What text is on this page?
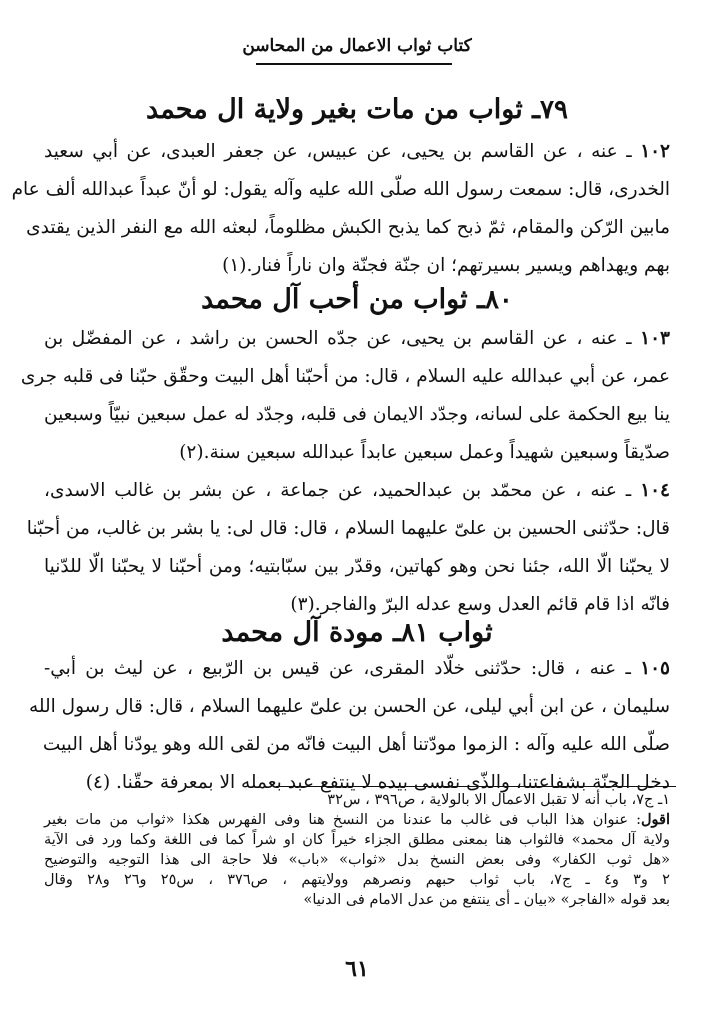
كتاب ثواب الاعمال من المحاسن
٧٩ـ ثواب من مات بغير ولاية ال محمد
١٠٢ ـ عنه ، عن القاسم بن يحيى، عن عبيس، عن جعفر العبدى، عن أبي سعيد
الخدرى، قال: سمعت رسول الله صلّى الله عليه وآله يقول: لو أنّ عبداً عبدالله ألف عام
مابين الرّكن والمقام، ثمّ ذبح كما يذبح الكبش مظلوماً، لبعثه الله مع النفر الذين يقتدى
بهم ويهداهم ويسير بسيرتهم؛ ان جنّة فجنّة وان ناراً فنار.(١)
٨٠ـ ثواب من أحب آل محمد
١٠٣ ـ عنه ، عن القاسم بن يحيى، عن جدّه الحسن بن راشد ، عن المفضّل بن
عمر، عن أبي عبدالله عليه السلام ، قال: من أحبّنا أهل البيت وحقّق حبّنا فى قلبه جرى
ينا بيع الحكمة على لسانه، وجدّد الايمان فى قلبه، وجدّد له عمل سبعين نبيّاً وسبعين
صدّيقاً وسبعين شهيداً وعمل سبعين عابداً عبدالله سبعين سنة.(٢)
١٠٤ ـ عنه ، عن محمّد بن عبدالحميد، عن جماعة ، عن بشر بن غالب الاسدى،
قال: حدّثنى الحسين بن علىّ عليهما السلام ، قال: قال لى: يا بشر بن غالب، من أحبّنا
لا يحبّنا الّا الله، جئنا نحن وهو كهاتين، وقدّر بين سبّابتيه؛ ومن أحبّنا لا يحبّنا الّا للدّنيا
فانّه اذا قام قائم العدل وسع عدله البرّ والفاجر.(٣)
ثواب ٨١ـ مودة آل محمد
١٠٥ ـ عنه ، قال: حدّثنى خلّاد المقرى، عن قيس بن الرّبيع ، عن ليث بن أبي-
سليمان ، عن ابن أبي ليلى، عن الحسن بن علىّ عليهما السلام ، قال: قال رسول الله
صلّى الله عليه وآله : الزموا مودّتنا أهل البيت فانّه من لقى الله وهو يودّنا أهل البيت
دخل الجنّة بشفاعتنا، والذّى نفسى بيده لا ينتفع عبد بعمله الا بمعرفة حقّنا. (٤)
١ـ ج٧، باب أنه لا تقبل الاعمال الا بالولاية ، ص٣٩٦ ، س٣٢
اقول: عنوان هذا الباب فى غالب ما عندنا من النسخ هنا وفى الفهرس هكذا «ثواب من مات بغير
ولاية آل محمد» فالثواب هنا بمعنى مطلق الجزاء خيراً كان او شراً كما فى اللغة وكما ورد فى الآية
«هل ثوب الكفار» وفى بعض النسخ بدل «ثواب» «باب» فلا حاجة الى هذا التوجيه والتوضيح
٢ و٣ و٤ ـ ج٧، باب ثواب حبهم ونصرهم وولايتهم ، ص٣٧٦ ، س٢٥ و٢٦ و٢٨ وقال
بعد قوله «الفاجر» «بيان ـ أى ينتفع من عدل الامام فى الدنيا»
٦١
